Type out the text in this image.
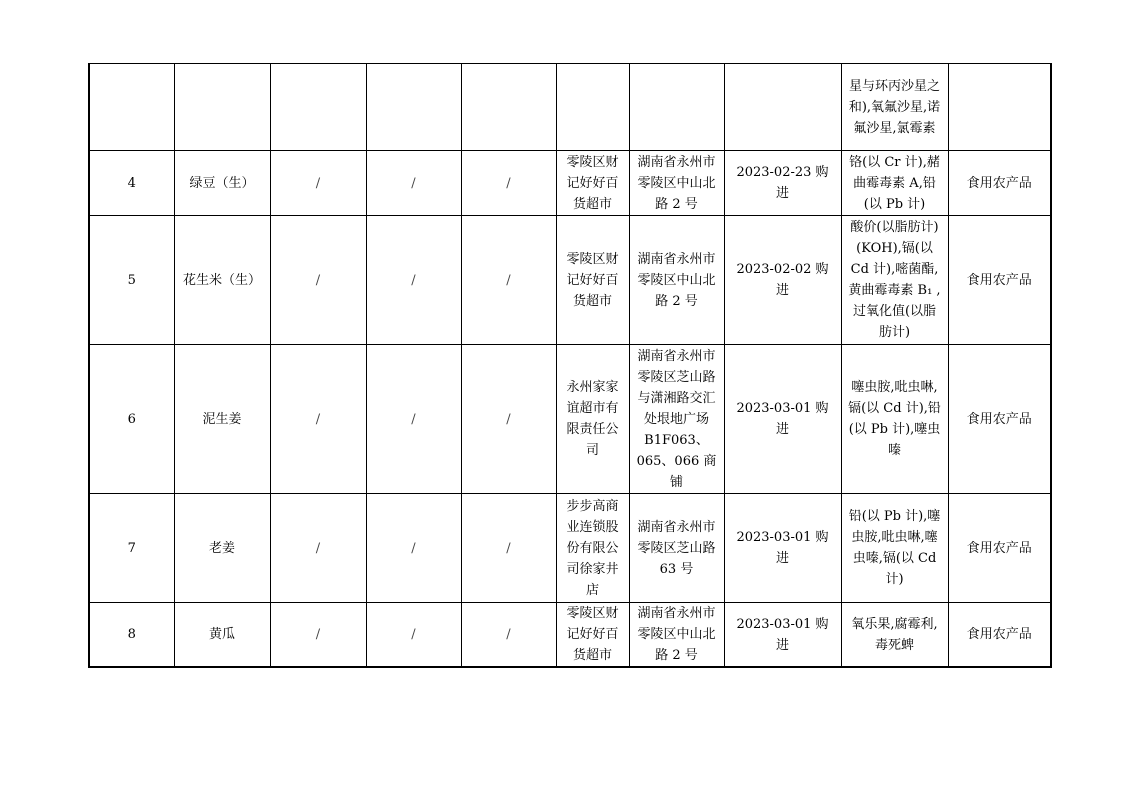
								星与环丙沙星之和),氧氟沙星,诺氟沙星,氯霉素	
4	绿豆（生）	/	/	/	零陵区财记好好百货超市	湖南省永州市零陵区中山北路 2 号	2023-02-23 购进	铬(以 Cr 计),赭曲霉毒素 A,铅(以 Pb 计)	食用农产品
5	花生米（生）	/	/	/	零陵区财记好好百货超市	湖南省永州市零陵区中山北路 2 号	2023-02-02 购进	酸价(以脂肪计)(KOH),镉(以 Cd 计),嘧菌酯,黄曲霉毒素 B₁ ,过氧化值(以脂肪计)	食用农产品
6	泥生姜	/	/	/	永州家家谊超市有限责任公司	湖南省永州市零陵区芝山路与潇湘路交汇处垠地广场 B1F063、065、066 商铺	2023-03-01 购进	噻虫胺,吡虫啉,镉(以 Cd 计),铅(以 Pb 计),噻虫嗪	食用农产品
7	老姜	/	/	/	步步高商业连锁股份有限公司徐家井店	湖南省永州市零陵区芝山路 63 号	2023-03-01 购进	铅(以 Pb 计),噻虫胺,吡虫啉,噻虫嗪,镉(以 Cd 计)	食用农产品
8	黄瓜	/	/	/	零陵区财记好好百货超市	湖南省永州市零陵区中山北路 2 号	2023-03-01 购进	氧乐果,腐霉利,毒死蜱	食用农产品
